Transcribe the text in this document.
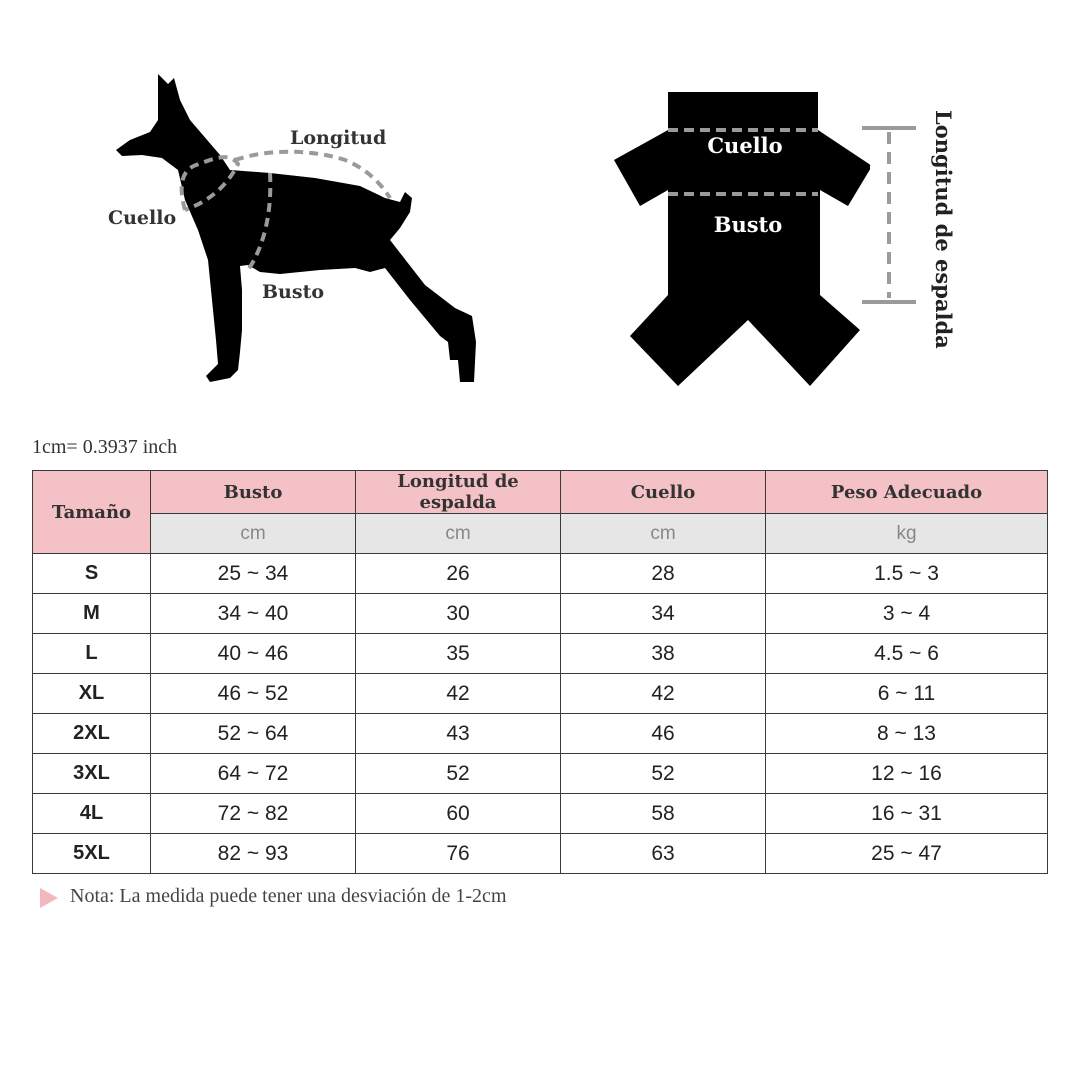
Longitud
Cuello
Busto
Cuello
Busto	Longitud de espalda
1cm= 0.3937 inch
Tamaño	Busto	Longitud de espalda	Cuello	Peso Adecuado
	cm	cm	cm	kg
S	25 ~ 34	26	28	1.5 ~ 3
M	34 ~ 40	30	34	3 ~ 4
L	40 ~ 46	35	38	4.5 ~ 6
XL	46 ~ 52	42	42	6 ~ 11
2XL	52 ~ 64	43	46	8 ~ 13
3XL	64 ~ 72	52	52	12 ~ 16
4L	72 ~ 82	60	58	16 ~ 31
5XL	82 ~ 93	76	63	25 ~ 47
Nota: La medida puede tener una desviación de 1-2cm
